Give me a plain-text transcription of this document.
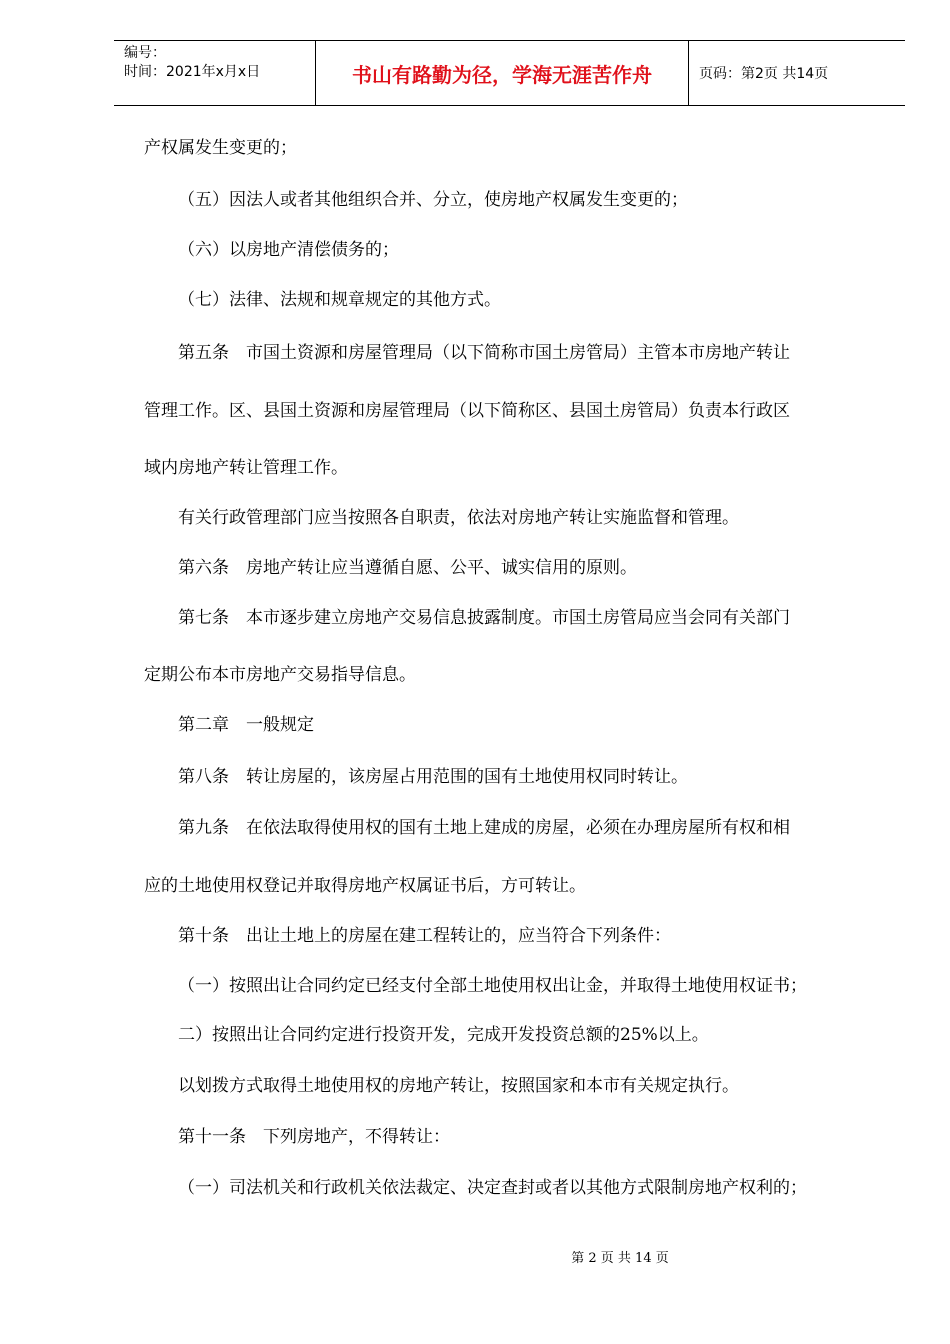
编号：
时间：2021年x月x日	书山有路勤为径，学海无涯苦作舟	页码：第2页 共14页
产权属发生变更的；
（五）因法人或者其他组织合并、分立，使房地产权属发生变更的；
（六）以房地产清偿债务的；
（七）法律、法规和规章规定的其他方式。
第五条　市国土资源和房屋管理局（以下简称市国土房管局）主管本市房地产转让
管理工作。区、县国土资源和房屋管理局（以下简称区、县国土房管局）负责本行政区
域内房地产转让管理工作。
有关行政管理部门应当按照各自职责，依法对房地产转让实施监督和管理。
第六条　房地产转让应当遵循自愿、公平、诚实信用的原则。
第七条　本市逐步建立房地产交易信息披露制度。市国土房管局应当会同有关部门
定期公布本市房地产交易指导信息。
第二章　一般规定
第八条　转让房屋的，该房屋占用范围的国有土地使用权同时转让。
第九条　在依法取得使用权的国有土地上建成的房屋，必须在办理房屋所有权和相
应的土地使用权登记并取得房地产权属证书后，方可转让。
第十条　出让土地上的房屋在建工程转让的，应当符合下列条件：
（一）按照出让合同约定已经支付全部土地使用权出让金，并取得土地使用权证书；
二）按照出让合同约定进行投资开发，完成开发投资总额的25%以上。
以划拨方式取得土地使用权的房地产转让，按照国家和本市有关规定执行。
第十一条　下列房地产，不得转让：
（一）司法机关和行政机关依法裁定、决定查封或者以其他方式限制房地产权利的；
第 2 页 共 14 页
